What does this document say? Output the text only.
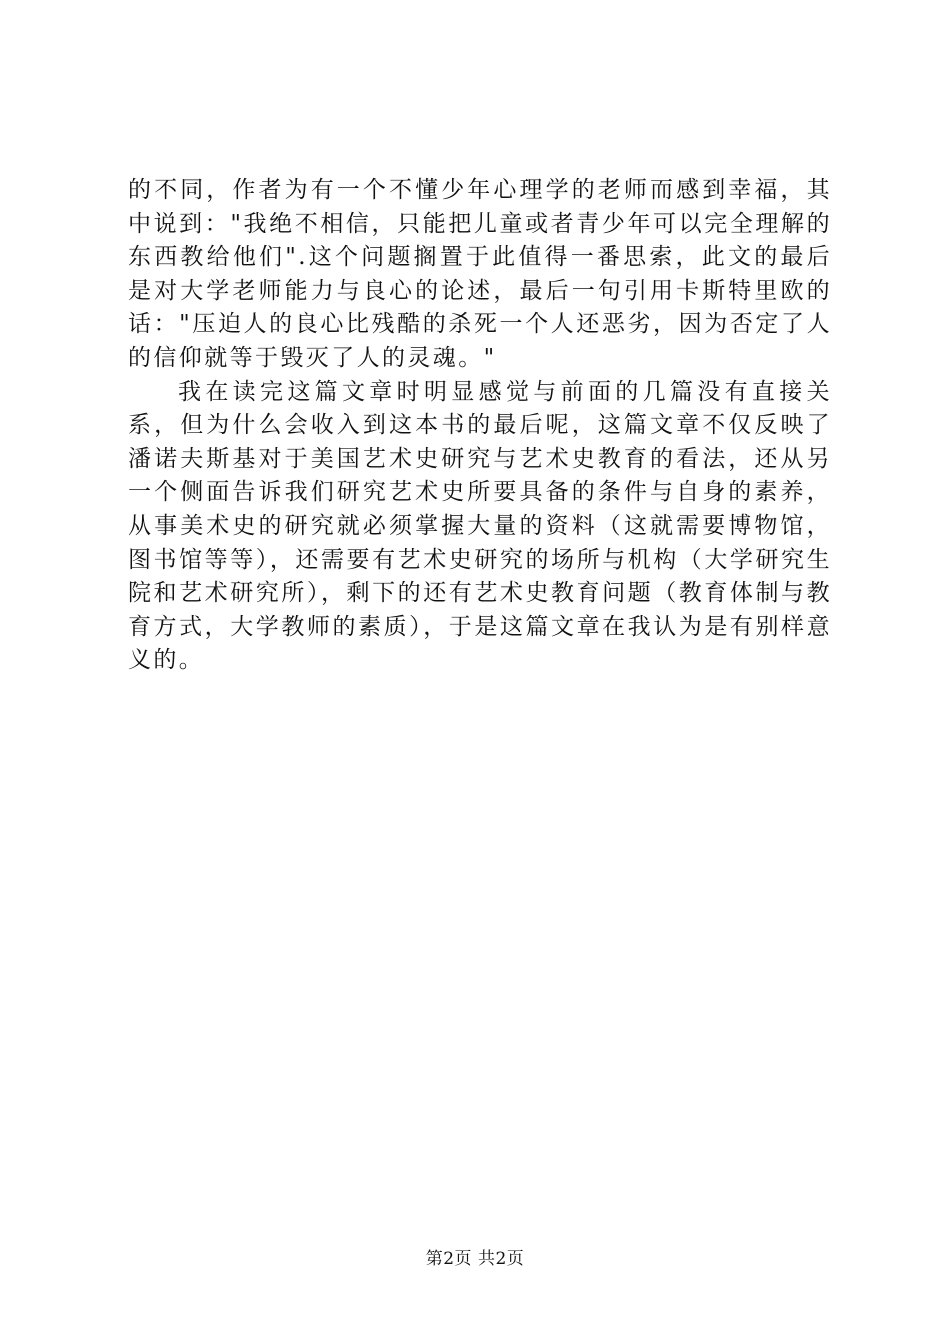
的不同，作者为有一个不懂少年心理学的老师而感到幸福，其中说到："我绝不相信，只能把儿童或者青少年可以完全理解的东西教给他们".这个问题搁置于此值得一番思索，此文的最后是对大学老师能力与良心的论述，最后一句引用卡斯特里欧的话："压迫人的良心比残酷的杀死一个人还恶劣，因为否定了人的信仰就等于毁灭了人的灵魂。"

我在读完这篇文章时明显感觉与前面的几篇没有直接关系，但为什么会收入到这本书的最后呢，这篇文章不仅反映了潘诺夫斯基对于美国艺术史研究与艺术史教育的看法，还从另一个侧面告诉我们研究艺术史所要具备的条件与自身的素养，从事美术史的研究就必须掌握大量的资料（这就需要博物馆，图书馆等等），还需要有艺术史研究的场所与机构（大学研究生院和艺术研究所），剩下的还有艺术史教育问题（教育体制与教育方式，大学教师的素质），于是这篇文章在我认为是有别样意义的。

第2页 共2页
